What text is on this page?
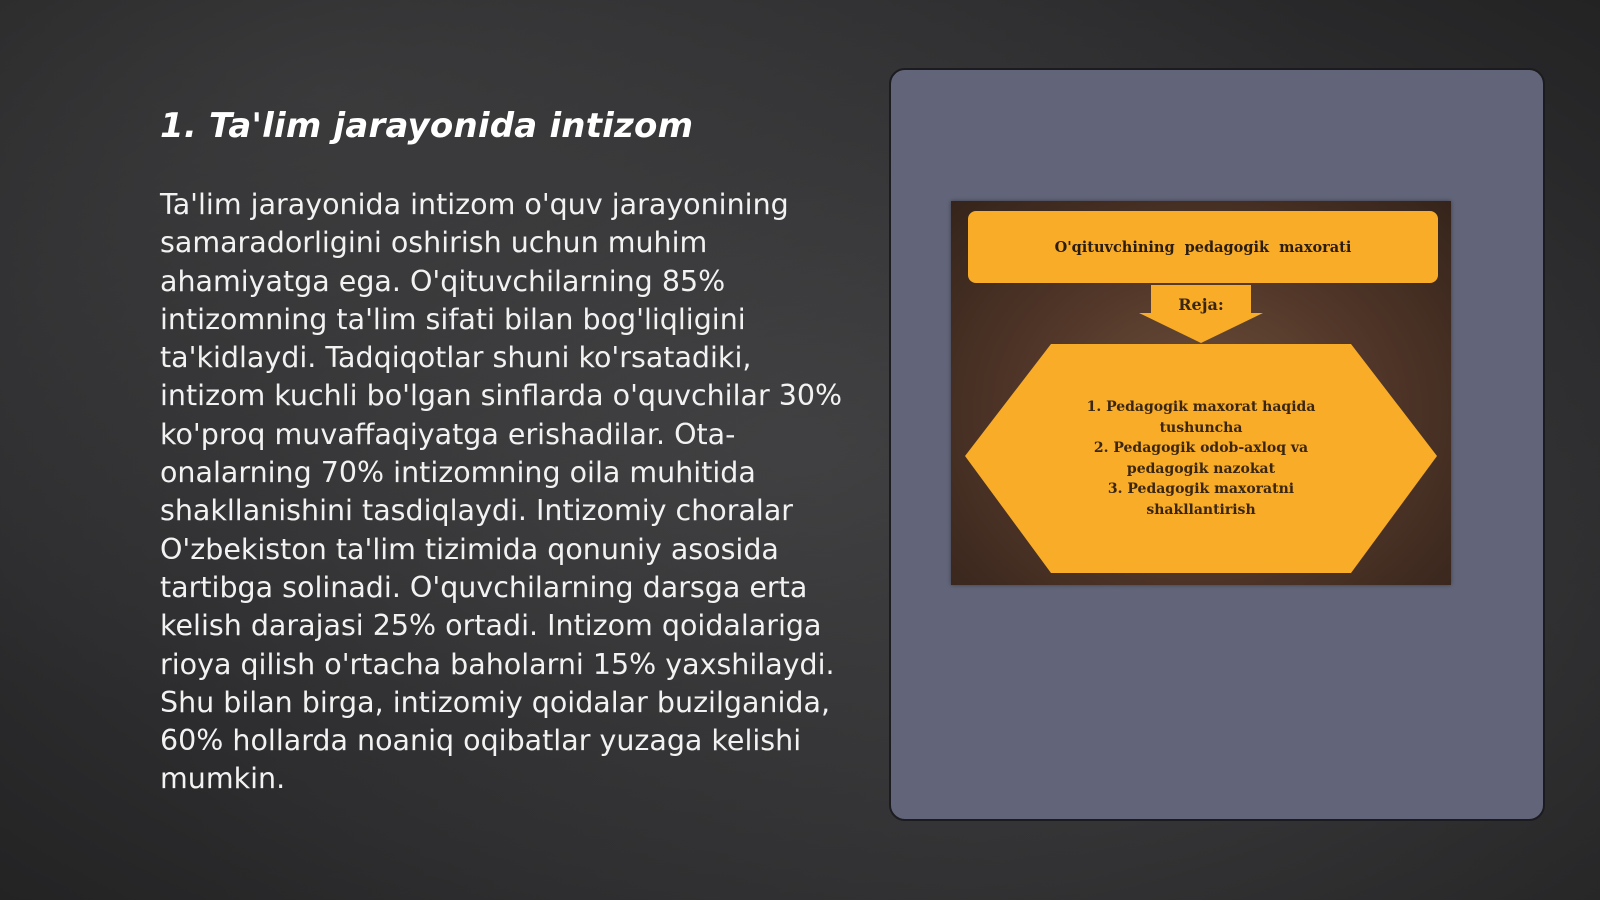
1. Ta'lim jarayonida intizom

Ta'lim jarayonida intizom o'quv jarayonining samaradorligini oshirish uchun muhim ahamiyatga ega. O'qituvchilarning 85% intizomning ta'lim sifati bilan bog'liqligini ta'kidlaydi. Tadqiqotlar shuni ko'rsatadiki, intizom kuchli bo'lgan sinflarda o'quvchilar 30% ko'proq muvaffaqiyatga erishadilar. Ota-onalarning 70% intizomning oila muhitida shakllanishini tasdiqlaydi. Intizomiy choralar O'zbekiston ta'lim tizimida qonuniy asosida tartibga solinadi. O'quvchilarning darsga erta kelish darajasi 25% ortadi. Intizom qoidalariga rioya qilish o'rtacha baholarni 15% yaxshilaydi. Shu bilan birga, intizomiy qoidalar buzilganida, 60% hollarda noaniq oqibatlar yuzaga kelishi mumkin.

O'qituvchining pedagogik maxorati
Reja:
1. Pedagogik maxorat haqida tushuncha
2. Pedagogik odob-axloq va pedagogik nazokat
3. Pedagogik maxoratni shakllantirish
